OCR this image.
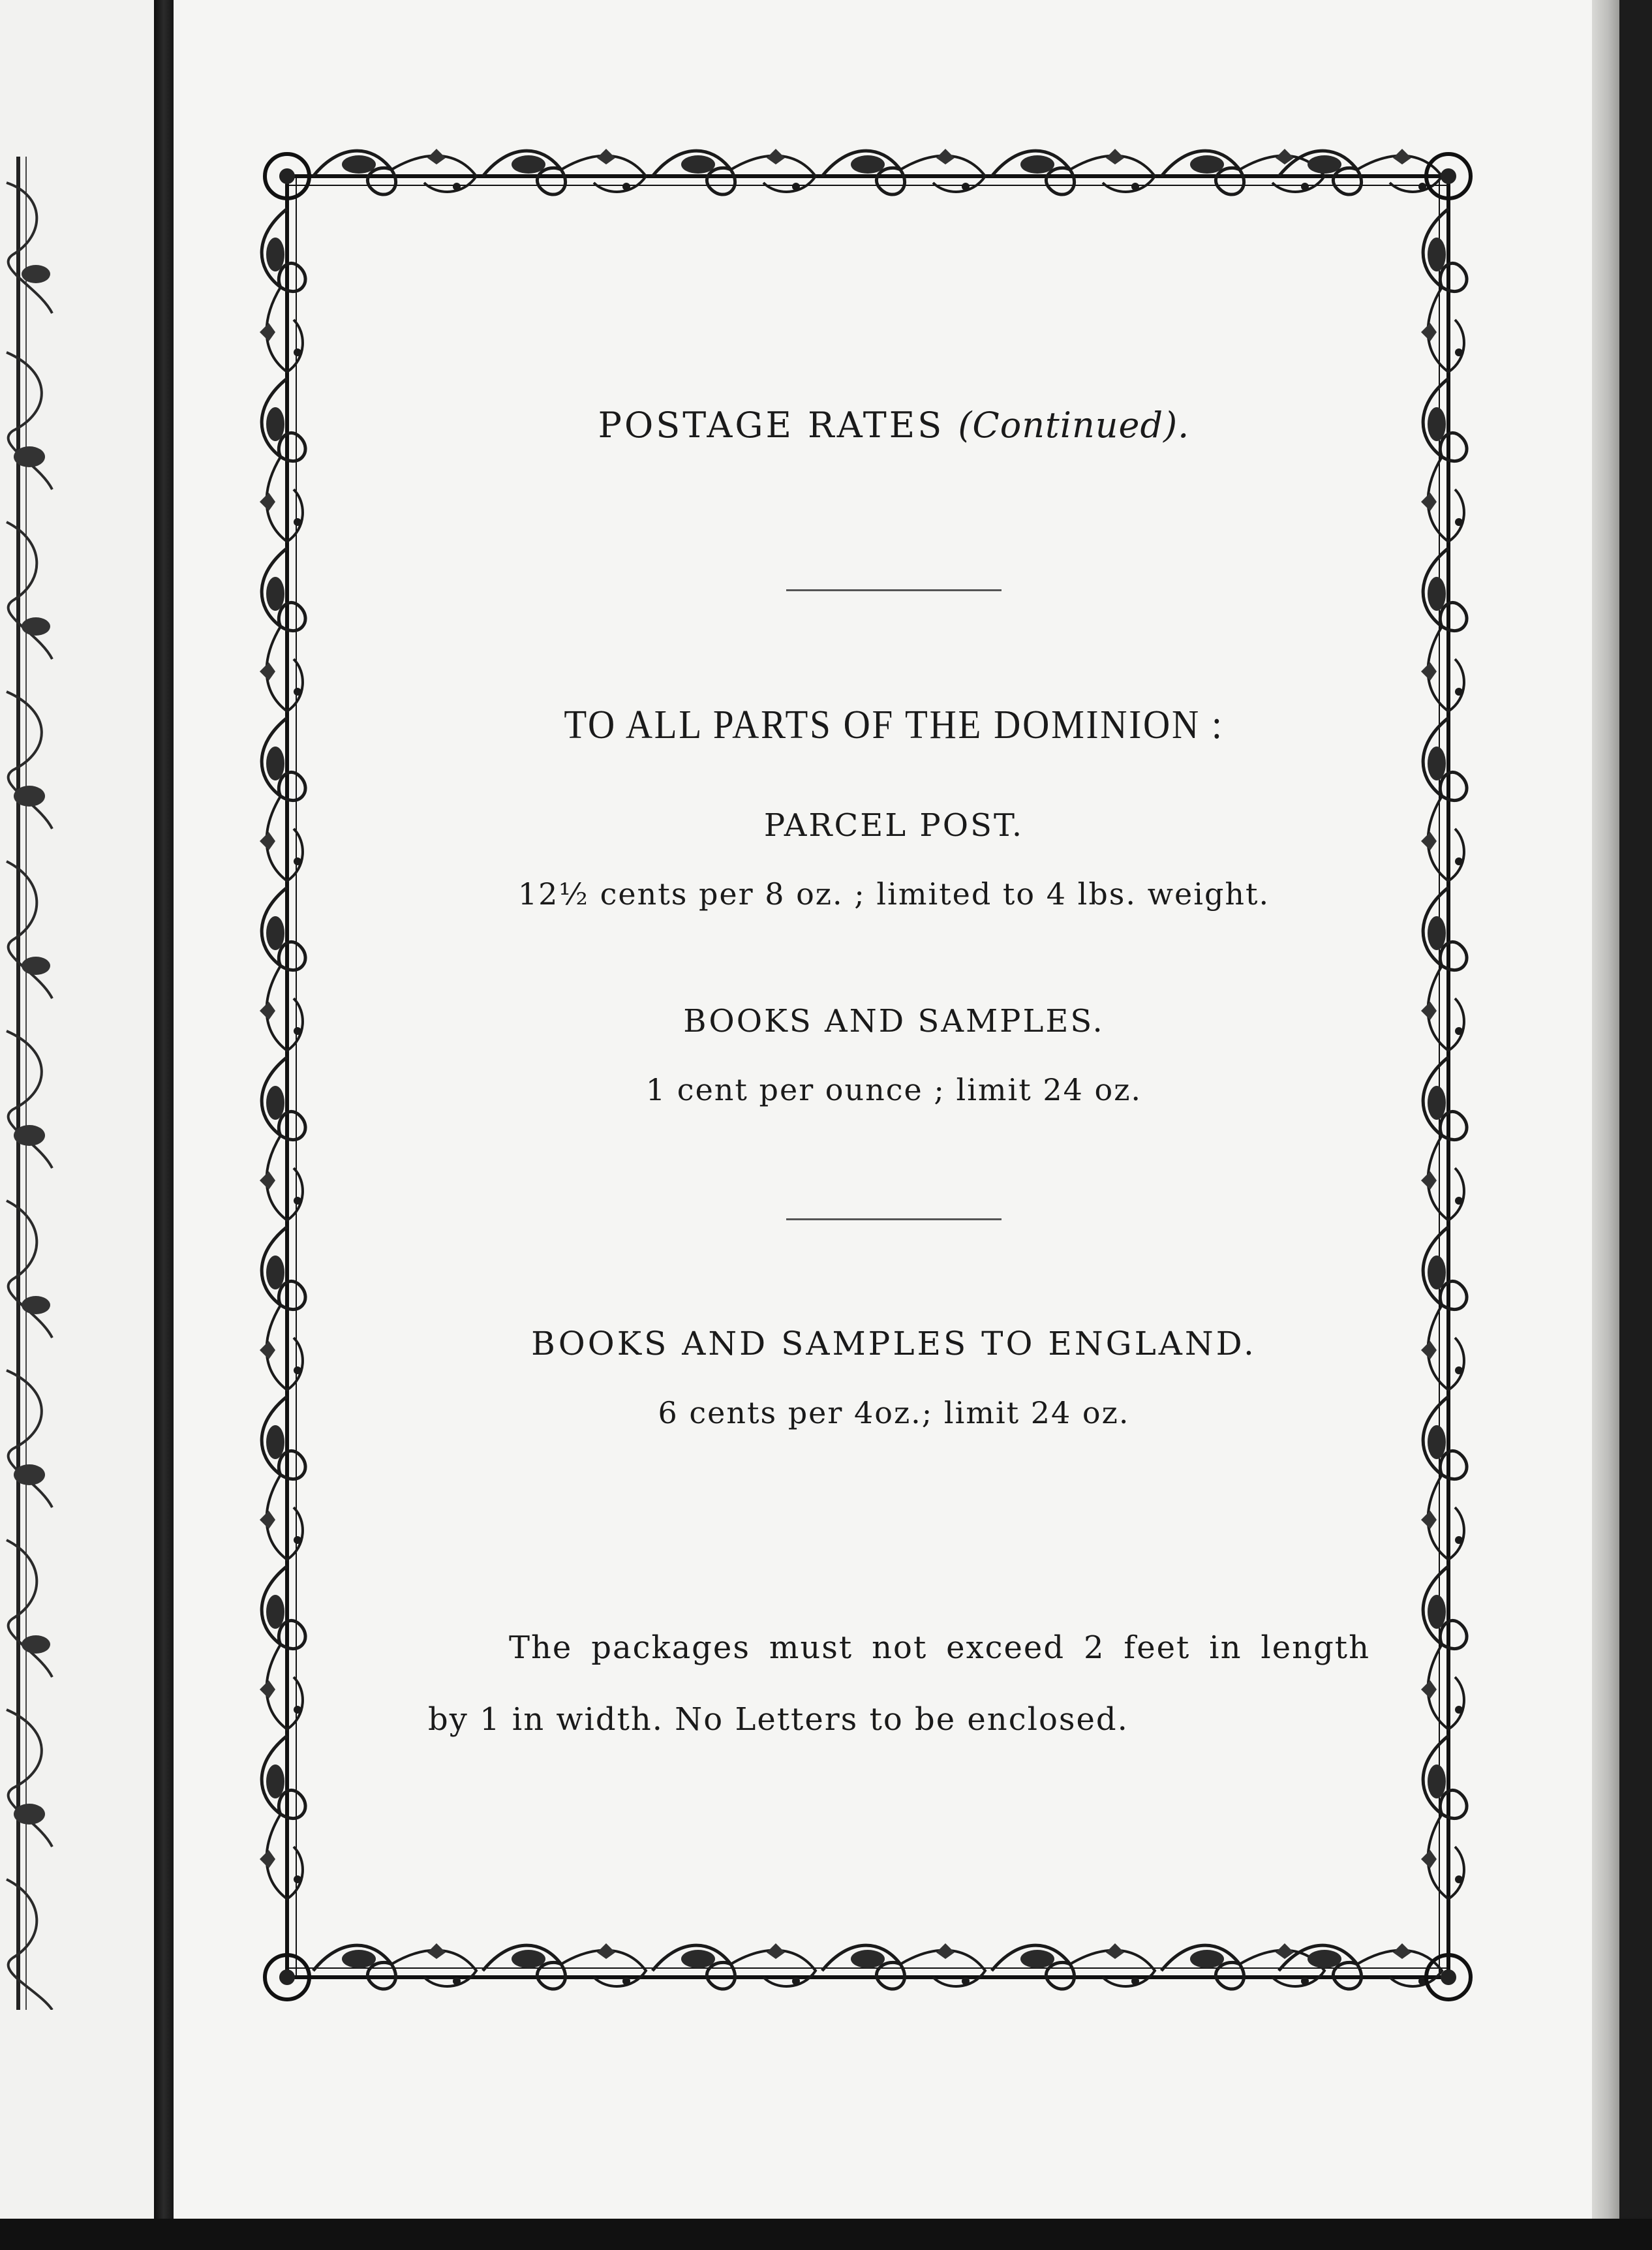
POSTAGE RATES (Continued).
TO ALL PARTS OF THE DOMINION :
PARCEL POST.

12½ cents per 8 oz. ; limited to 4 lbs. weight.

BOOKS AND SAMPLES.

1 cent per ounce ; limit 24 oz.

BOOKS AND SAMPLES TO ENGLAND.

6 cents per 4oz.; limit 24 oz.

The packages must not exceed 2 feet in length
by 1 in width. No Letters to be enclosed.
